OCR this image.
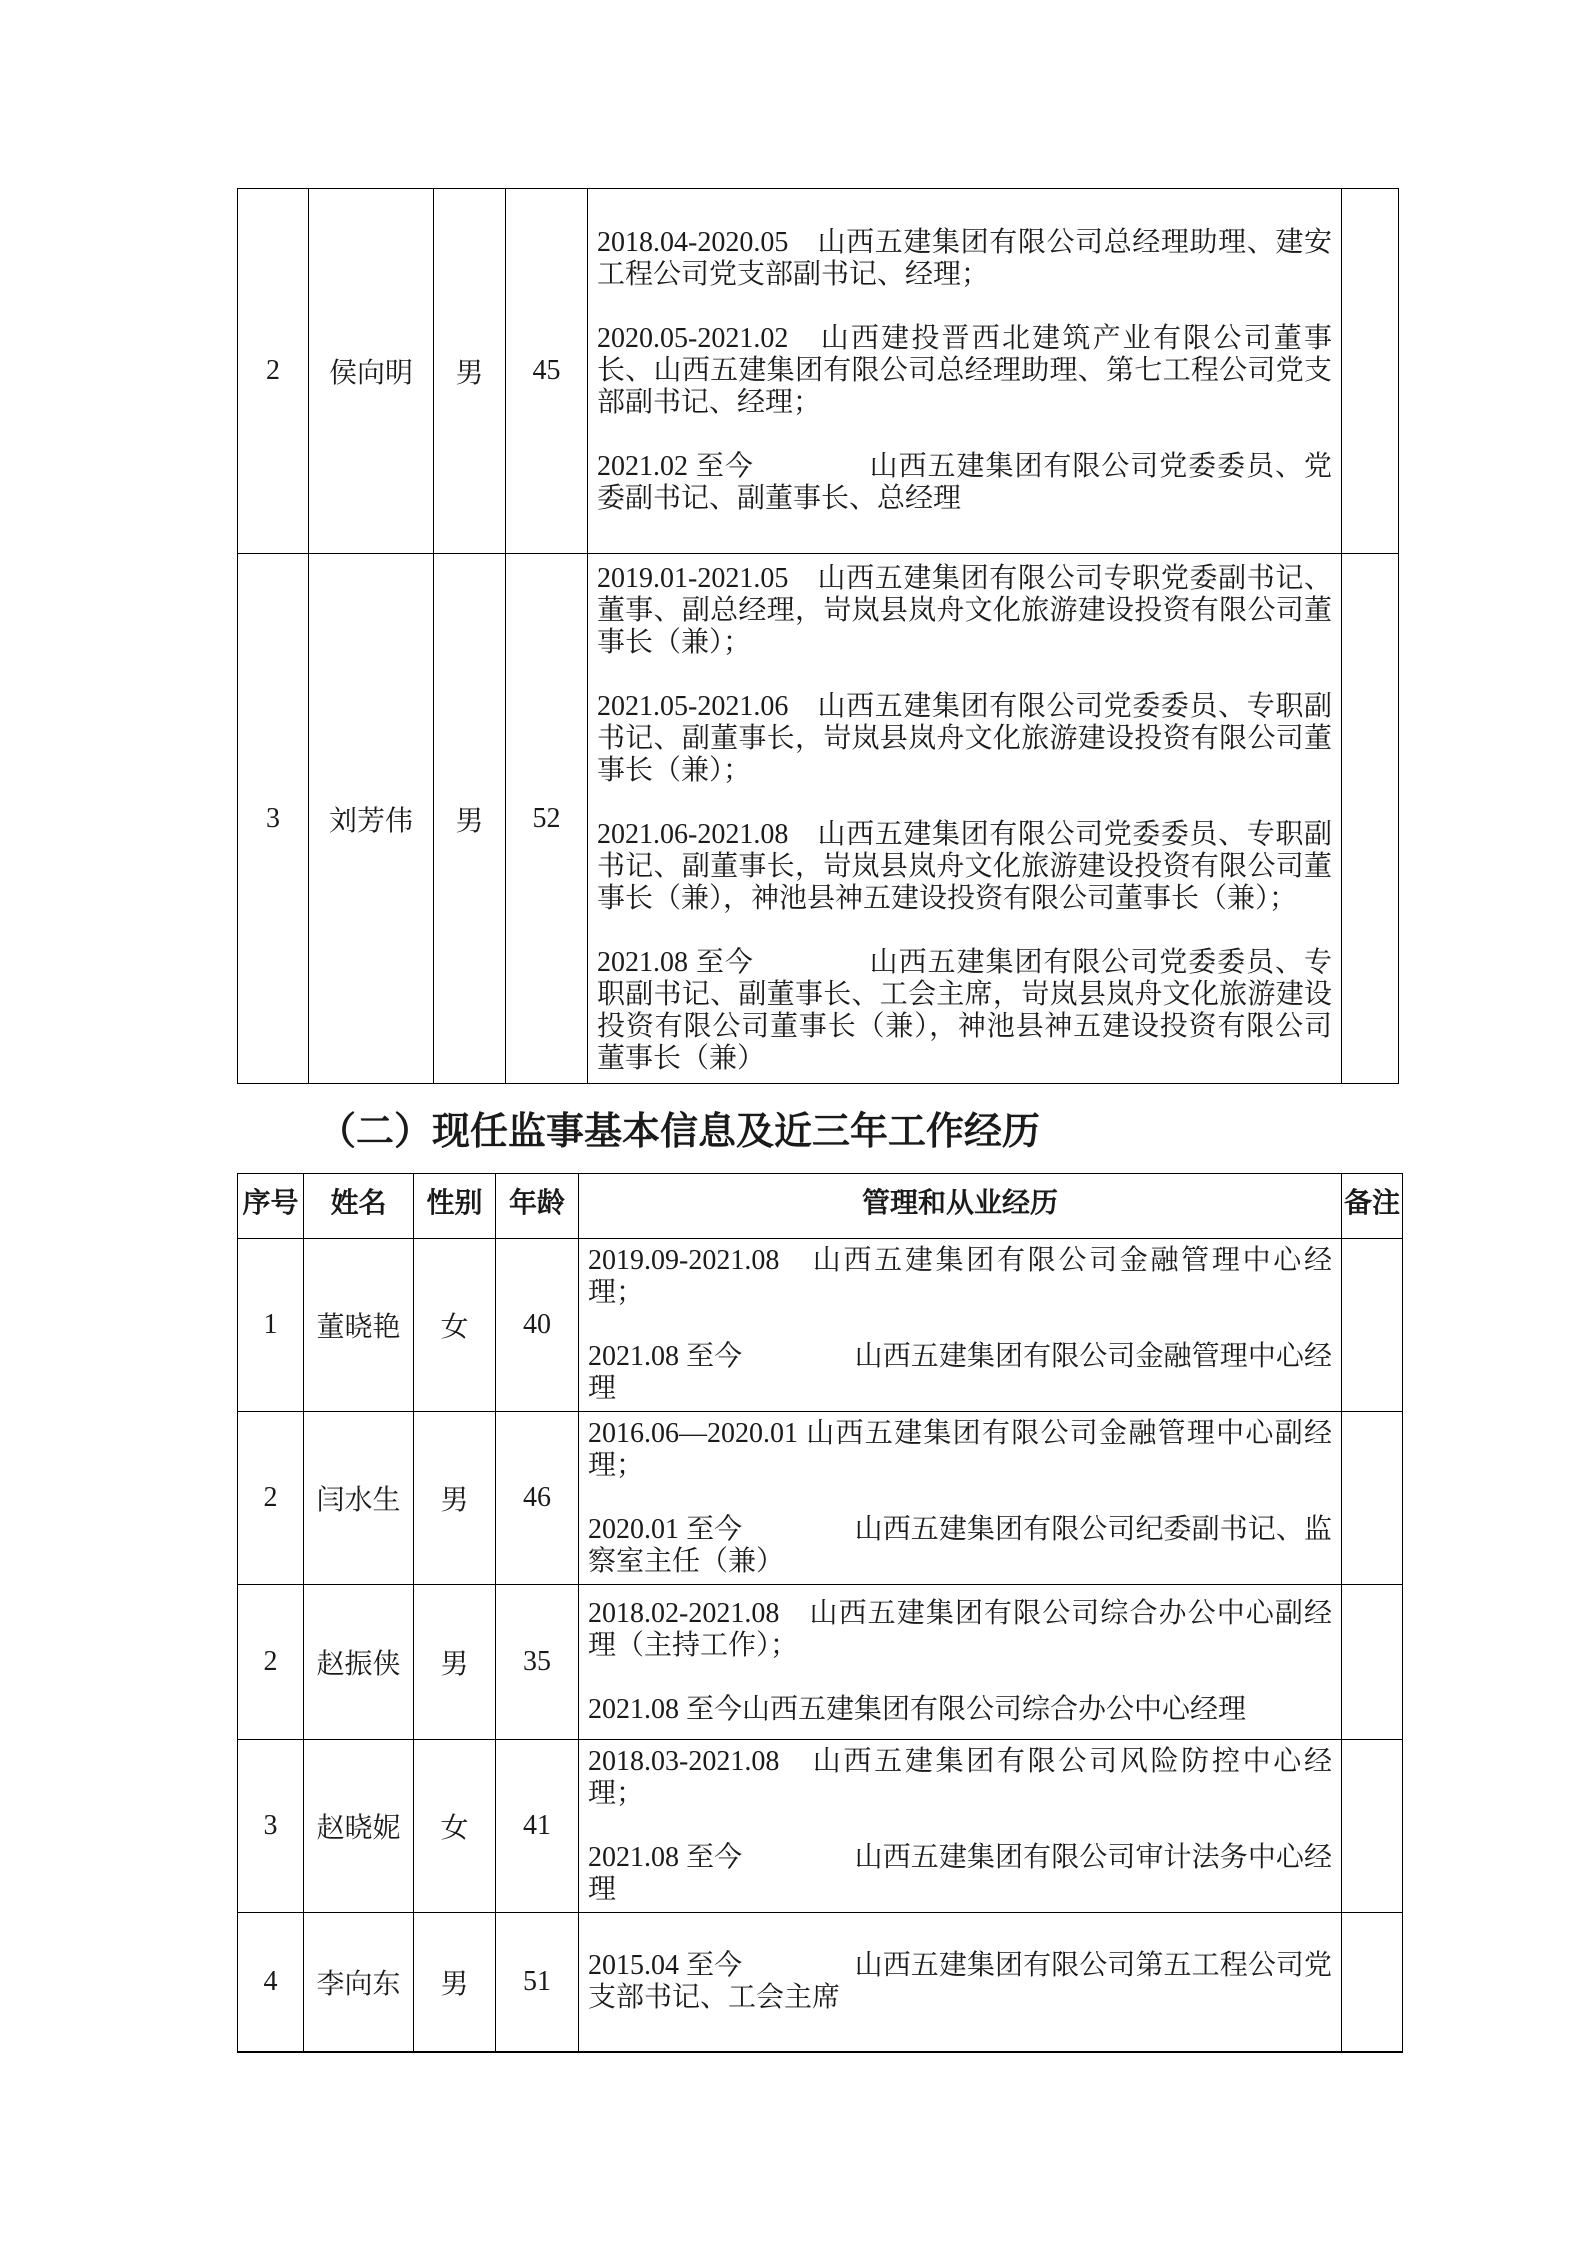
2	侯向明	男	45	2018.04-2020.05　山西五建集团有限公司总经理助理、建安工程公司党支部副书记、经理；

2020.05-2021.02　山西建投晋西北建筑产业有限公司董事长、山西五建集团有限公司总经理助理、第七工程公司党支部副书记、经理；

2021.02 至今　　　　山西五建集团有限公司党委委员、党委副书记、副董事长、总经理	

3	刘芳伟	男	52	2019.01-2021.05　山西五建集团有限公司专职党委副书记、董事、副总经理，岢岚县岚舟文化旅游建设投资有限公司董事长（兼）；

2021.05-2021.06　山西五建集团有限公司党委委员、专职副书记、副董事长，岢岚县岚舟文化旅游建设投资有限公司董事长（兼）；

2021.06-2021.08　山西五建集团有限公司党委委员、专职副书记、副董事长，岢岚县岚舟文化旅游建设投资有限公司董事长（兼），神池县神五建设投资有限公司董事长（兼）；

2021.08 至今　　　　山西五建集团有限公司党委委员、专职副书记、副董事长、工会主席，岢岚县岚舟文化旅游建设投资有限公司董事长（兼），神池县神五建设投资有限公司董事长（兼）	

（二）现任监事基本信息及近三年工作经历
序号	姓名	性别	年龄	管理和从业经历	备注
1	董晓艳	女	40	2019.09-2021.08　山西五建集团有限公司金融管理中心经理；

2021.08 至今　　　　山西五建集团有限公司金融管理中心经理	

2	闫水生	男	46	2016.06—2020.01 山西五建集团有限公司金融管理中心副经理；

2020.01 至今　　　　山西五建集团有限公司纪委副书记、监察室主任（兼）	

2	赵振侠	男	35	2018.02-2021.08　山西五建集团有限公司综合办公中心副经理（主持工作）；

2021.08 至今山西五建集团有限公司综合办公中心经理	

3	赵晓妮	女	41	2018.03-2021.08　山西五建集团有限公司风险防控中心经理；

2021.08 至今　　　　山西五建集团有限公司审计法务中心经理	

4	李向东	男	51	2015.04 至今　　　　山西五建集团有限公司第五工程公司党支部书记、工会主席	
